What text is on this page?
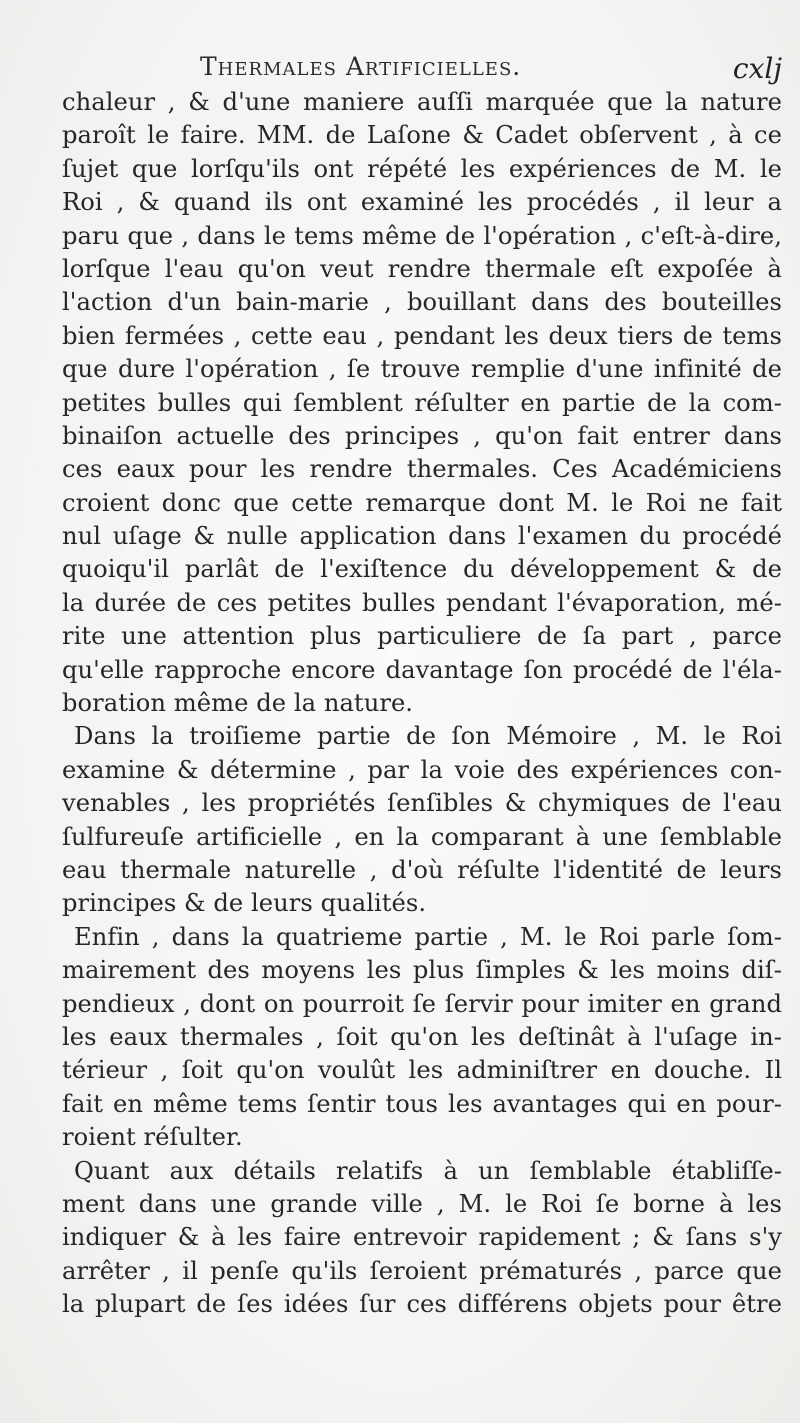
Thermales Artificielles.	cxlj
chaleur , & d'une maniere auſſi marquée que la nature
paroît le faire. MM. de Laſone & Cadet obſervent , à ce
ſujet que lorſqu'ils ont répété les expériences de M. le
Roi , & quand ils ont examiné les procédés , il leur a
paru que , dans le tems même de l'opération , c'eſt-à-dire,
lorſque l'eau qu'on veut rendre thermale eſt expoſée à
l'action d'un bain-marie , bouillant dans des bouteilles
bien fermées , cette eau , pendant les deux tiers de tems
que dure l'opération , ſe trouve remplie d'une infinité de
petites bulles qui ſemblent réſulter en partie de la com-
binaiſon actuelle des principes , qu'on fait entrer dans
ces eaux pour les rendre thermales. Ces Académiciens
croient donc que cette remarque dont M. le Roi ne fait
nul uſage & nulle application dans l'examen du procédé
quoiqu'il parlât de l'exiſtence du développement & de
la durée de ces petites bulles pendant l'évaporation, mé-
rite une attention plus particuliere de ſa part , parce
qu'elle rapproche encore davantage ſon procédé de l'éla-
boration même de la nature.
Dans la troiſieme partie de ſon Mémoire , M. le Roi
examine & détermine , par la voie des expériences con-
venables , les propriétés ſenſibles & chymiques de l'eau
ſulfureuſe artificielle , en la comparant à une ſemblable
eau thermale naturelle , d'où réſulte l'identité de leurs
principes & de leurs qualités.
Enfin , dans la quatrieme partie , M. le Roi parle ſom-
mairement des moyens les plus ſimples & les moins diſ-
pendieux , dont on pourroit ſe ſervir pour imiter en grand
les eaux thermales , ſoit qu'on les deſtinât à l'uſage in-
térieur , ſoit qu'on voulût les adminiſtrer en douche. Il
fait en même tems ſentir tous les avantages qui en pour-
roient réſulter.
Quant aux détails relatifs à un ſemblable établiſſe-
ment dans une grande ville , M. le Roi ſe borne à les
indiquer & à les faire entrevoir rapidement ; & ſans s'y
arrêter , il penſe qu'ils ſeroient prématurés , parce que
la plupart de ſes idées ſur ces différens objets pour être
